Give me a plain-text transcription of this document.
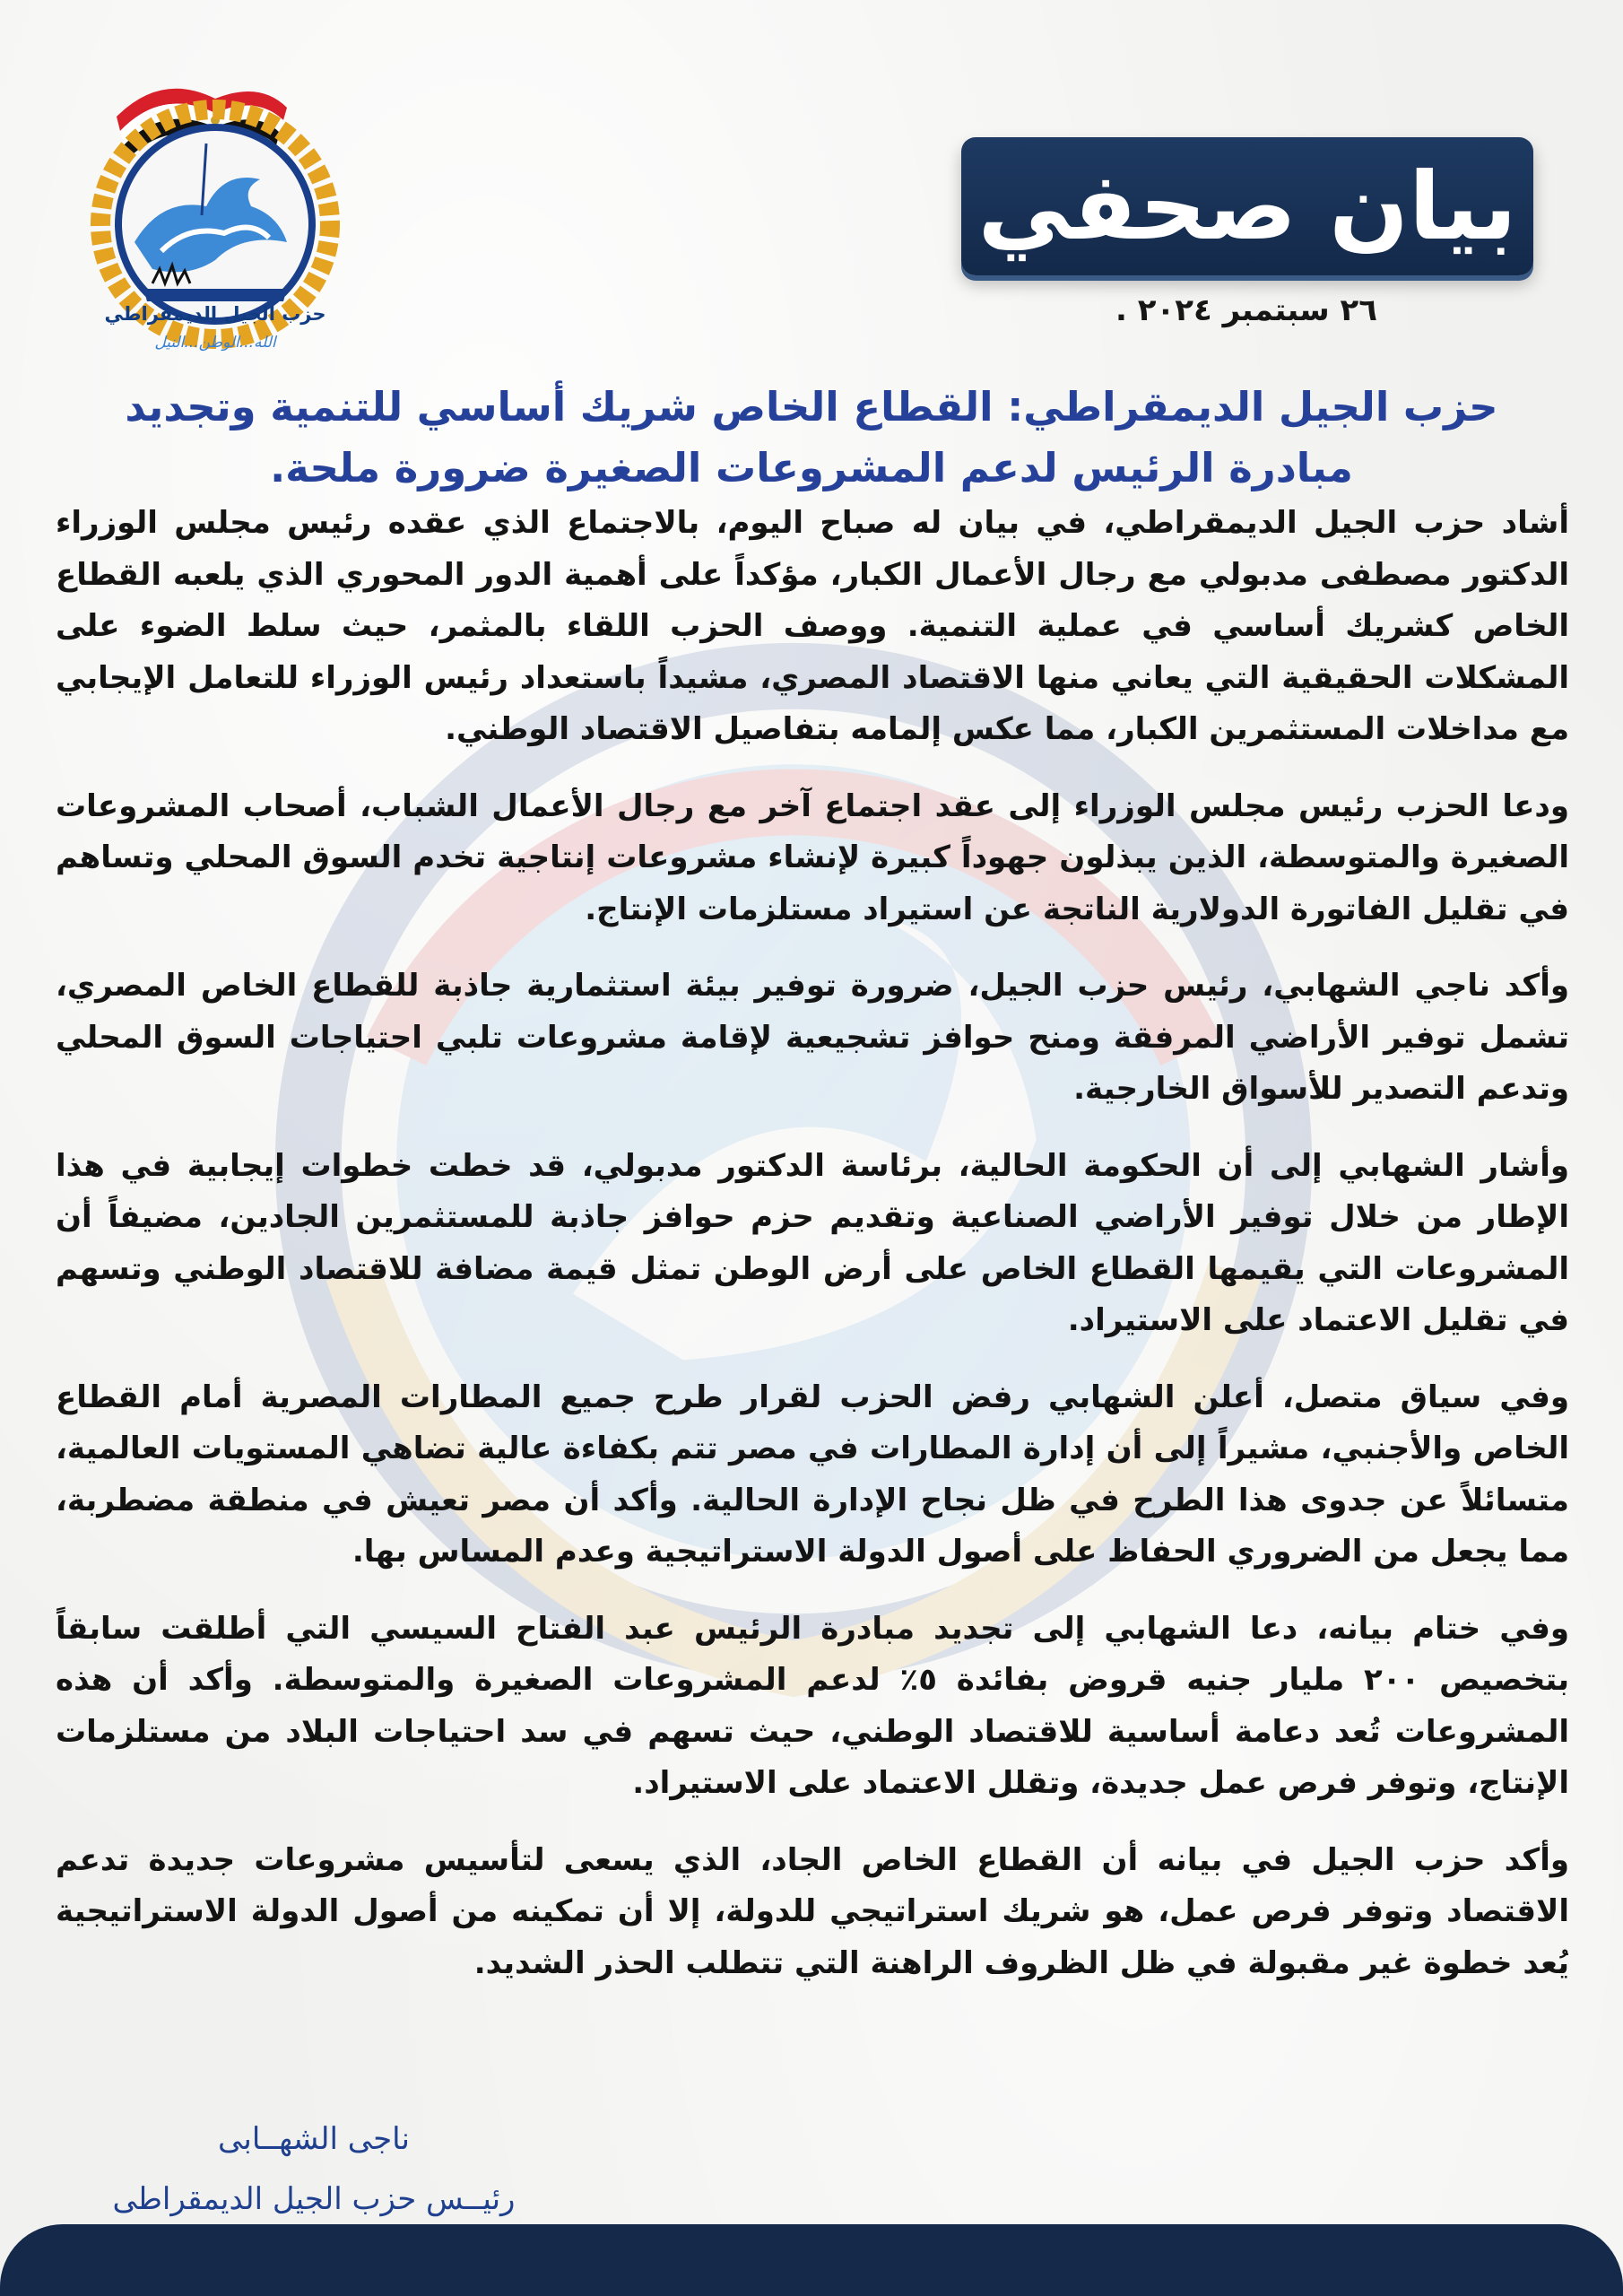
حزب الجيل الديمقراطي
الله...الوطن...النيل
بيان صحفي
٢٦ سبتمبر ٢٠٢٤ .
حزب الجيل الديمقراطي: القطاع الخاص شريك أساسي للتنمية وتجديد
مبادرة الرئيس لدعم المشروعات الصغيرة ضرورة ملحة.

أشاد حزب الجيل الديمقراطي، في بيان له صباح اليوم، بالاجتماع الذي عقده رئيس مجلس الوزراء الدكتور مصطفى مدبولي مع رجال الأعمال الكبار، مؤكداً على أهمية الدور المحوري الذي يلعبه القطاع الخاص كشريك أساسي في عملية التنمية. ووصف الحزب اللقاء بالمثمر، حيث سلط الضوء على المشكلات الحقيقية التي يعاني منها الاقتصاد المصري، مشيداً باستعداد رئيس الوزراء للتعامل الإيجابي مع مداخلات المستثمرين الكبار، مما عكس إلمامه بتفاصيل الاقتصاد الوطني.

ودعا الحزب رئيس مجلس الوزراء إلى عقد اجتماع آخر مع رجال الأعمال الشباب، أصحاب المشروعات الصغيرة والمتوسطة، الذين يبذلون جهوداً كبيرة لإنشاء مشروعات إنتاجية تخدم السوق المحلي وتساهم في تقليل الفاتورة الدولارية الناتجة عن استيراد مستلزمات الإنتاج.

وأكد ناجي الشهابي، رئيس حزب الجيل، ضرورة توفير بيئة استثمارية جاذبة للقطاع الخاص المصري، تشمل توفير الأراضي المرفقة ومنح حوافز تشجيعية لإقامة مشروعات تلبي احتياجات السوق المحلي وتدعم التصدير للأسواق الخارجية.

وأشار الشهابي إلى أن الحكومة الحالية، برئاسة الدكتور مدبولي، قد خطت خطوات إيجابية في هذا الإطار من خلال توفير الأراضي الصناعية وتقديم حزم حوافز جاذبة للمستثمرين الجادين، مضيفاً أن المشروعات التي يقيمها القطاع الخاص على أرض الوطن تمثل قيمة مضافة للاقتصاد الوطني وتسهم في تقليل الاعتماد على الاستيراد.

وفي سياق متصل، أعلن الشهابي رفض الحزب لقرار طرح جميع المطارات المصرية أمام القطاع الخاص والأجنبي، مشيراً إلى أن إدارة المطارات في مصر تتم بكفاءة عالية تضاهي المستويات العالمية، متسائلاً عن جدوى هذا الطرح في ظل نجاح الإدارة الحالية. وأكد أن مصر تعيش في منطقة مضطربة، مما يجعل من الضروري الحفاظ على أصول الدولة الاستراتيجية وعدم المساس بها.

وفي ختام بيانه، دعا الشهابي إلى تجديد مبادرة الرئيس عبد الفتاح السيسي التي أطلقت سابقاً بتخصيص ٢٠٠ مليار جنيه قروض بفائدة ٥٪ لدعم المشروعات الصغيرة والمتوسطة. وأكد أن هذه المشروعات تُعد دعامة أساسية للاقتصاد الوطني، حيث تسهم في سد احتياجات البلاد من مستلزمات الإنتاج، وتوفر فرص عمل جديدة، وتقلل الاعتماد على الاستيراد.

وأكد حزب الجيل في بيانه أن القطاع الخاص الجاد، الذي يسعى لتأسيس مشروعات جديدة تدعم الاقتصاد وتوفر فرص عمل، هو شريك استراتيجي للدولة، إلا أن تمكينه من أصول الدولة الاستراتيجية يُعد خطوة غير مقبولة في ظل الظروف الراهنة التي تتطلب الحذر الشديد.

ناجى الشهــابى
رئيــس حزب الجيل الديمقراطى
